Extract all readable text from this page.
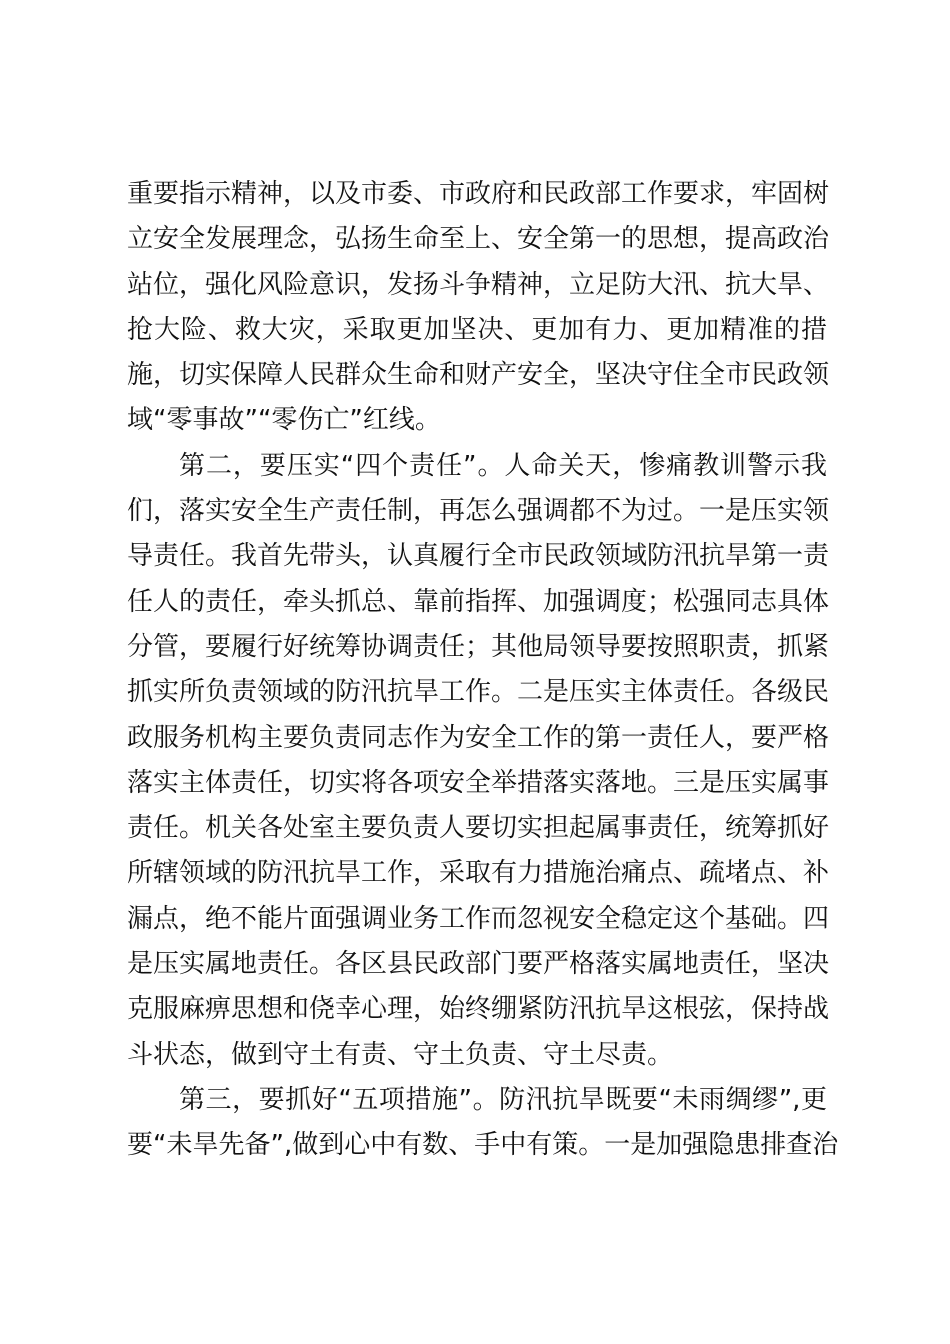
重要指示精神，以及市委、市政府和民政部工作要求，牢固树
立安全发展理念，弘扬生命至上、安全第一的思想，提高政治
站位，强化风险意识，发扬斗争精神，立足防大汛、抗大旱、
抢大险、救大灾，采取更加坚决、更加有力、更加精准的措
施，切实保障人民群众生命和财产安全，坚决守住全市民政领
域“零事故”“零伤亡”红线。
第二，要压实“四个责任”。人命关天，惨痛教训警示我
们，落实安全生产责任制，再怎么强调都不为过。一是压实领
导责任。我首先带头，认真履行全市民政领域防汛抗旱第一责
任人的责任，牵头抓总、靠前指挥、加强调度；松强同志具体
分管，要履行好统筹协调责任；其他局领导要按照职责，抓紧
抓实所负责领域的防汛抗旱工作。二是压实主体责任。各级民
政服务机构主要负责同志作为安全工作的第一责任人，要严格
落实主体责任，切实将各项安全举措落实落地。三是压实属事
责任。机关各处室主要负责人要切实担起属事责任，统筹抓好
所辖领域的防汛抗旱工作，采取有力措施治痛点、疏堵点、补
漏点，绝不能片面强调业务工作而忽视安全稳定这个基础。四
是压实属地责任。各区县民政部门要严格落实属地责任，坚决
克服麻痹思想和侥幸心理，始终绷紧防汛抗旱这根弦，保持战
斗状态，做到守土有责、守土负责、守土尽责。
第三，要抓好“五项措施”。防汛抗旱既要“未雨绸缪”,更
要“未旱先备”,做到心中有数、手中有策。一是加强隐患排查治
